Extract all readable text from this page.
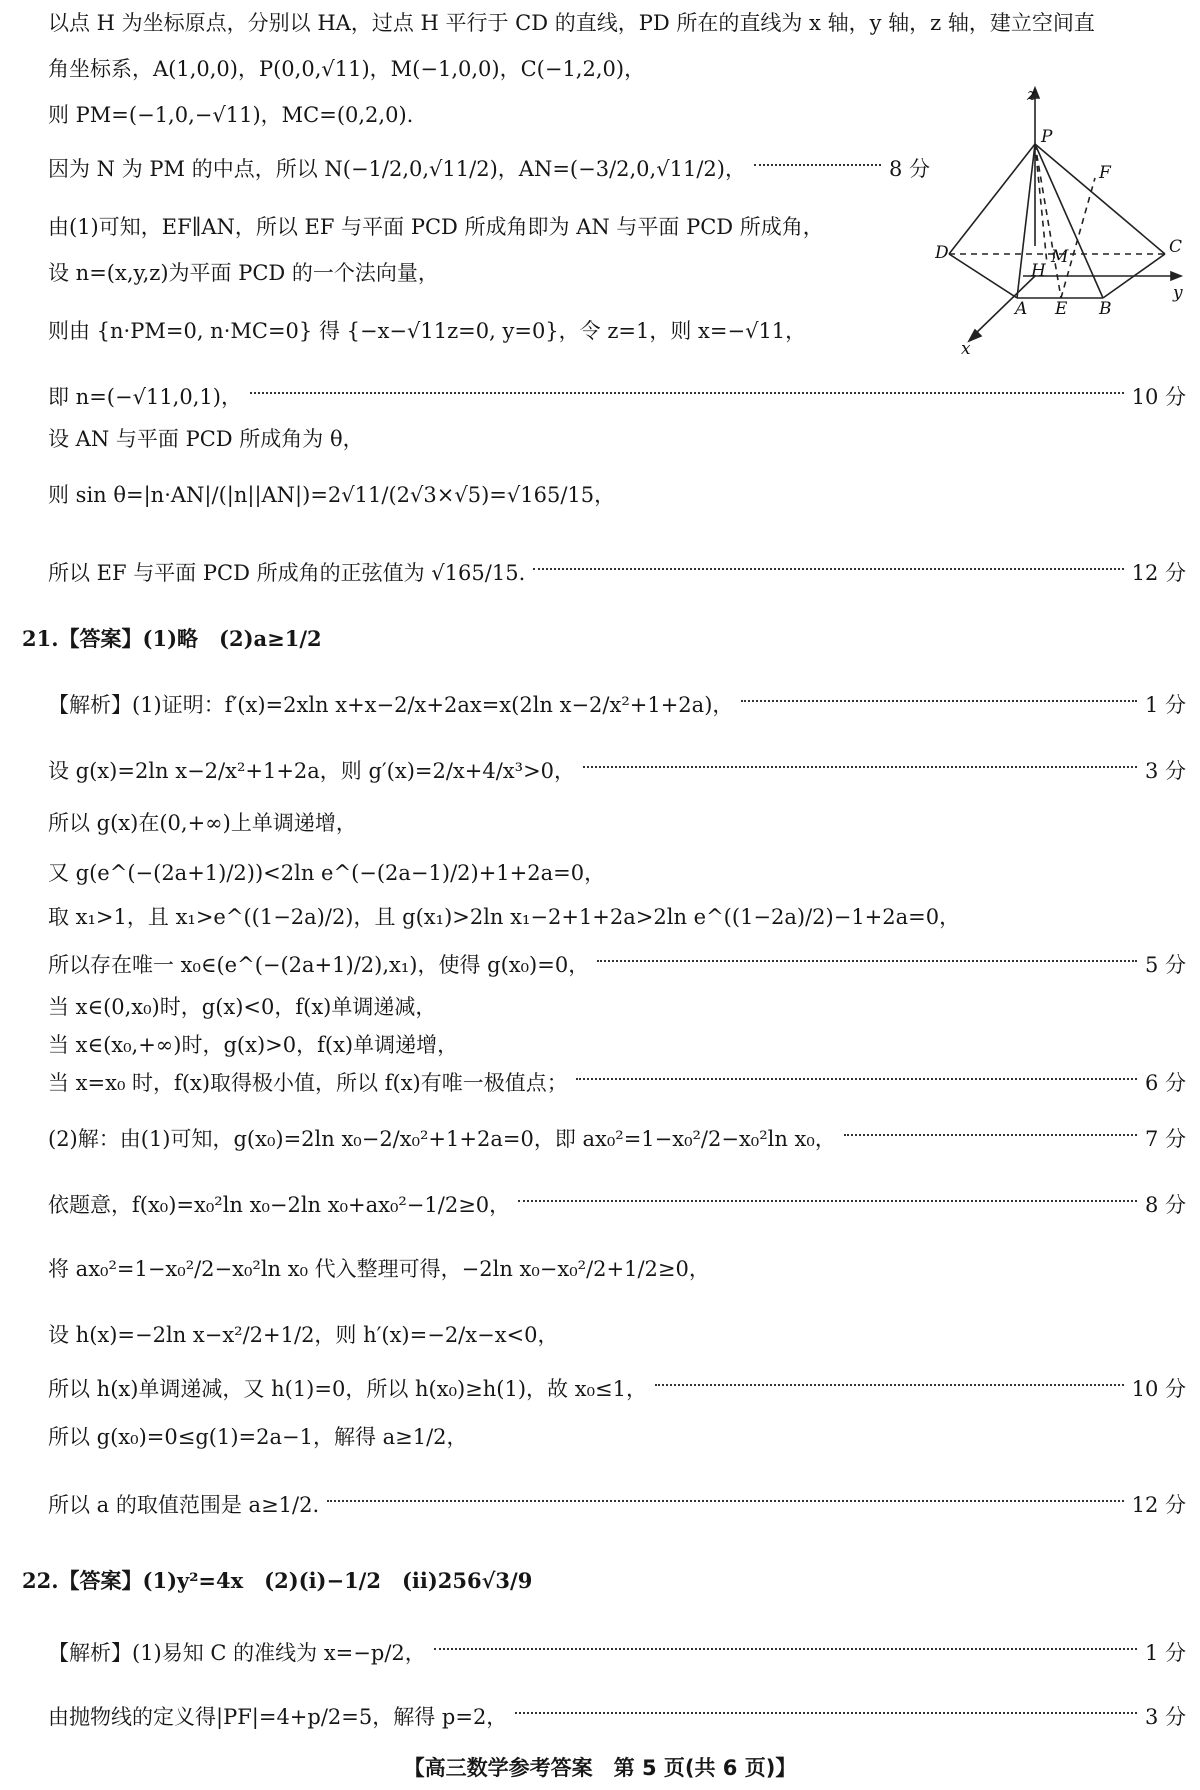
以点 H 为坐标原点，分别以 HA，过点 H 平行于 CD 的直线，PD 所在的直线为 x 轴，y 轴，z 轴，建立空间直
角坐标系，A(1,0,0)，P(0,0,√11)，M(−1,0,0)，C(−1,2,0)，
则 PM=(−1,0,−√11)，MC=(0,2,0).
因为 N 为 PM 的中点，所以 N(−1/2,0,√11/2)，AN=(−3/2,0,√11/2)，	8 分
由(1)可知，EF∥AN，所以 EF 与平面 PCD 所成角即为 AN 与平面 PCD 所成角，
设 n=(x,y,z)为平面 PCD 的一个法向量，
则由 {n·PM=0, n·MC=0} 得 {−x−√11z=0, y=0}，令 z=1，则 x=−√11，
即 n=(−√11,0,1)，	10 分
设 AN 与平面 PCD 所成角为 θ，
则 sin θ=|n·AN|/(|n||AN|)=2√11/(2√3×√5)=√165/15，
所以 EF 与平面 PCD 所成角的正弦值为 √165/15.	12 分
z
P
F
D	M	C
H
y
A E B
x
21.【答案】(1)略　(2)a≥1/2
【解析】(1)证明：f′(x)=2xln x+x−2/x+2ax=x(2ln x−2/x²+1+2a)，	1 分
设 g(x)=2ln x−2/x²+1+2a，则 g′(x)=2/x+4/x³>0，	3 分
所以 g(x)在(0,+∞)上单调递增，
又 g(e^(−(2a+1)/2))<2ln e^(−(2a−1)/2)+1+2a=0，
取 x₁>1，且 x₁>e^((1−2a)/2)，且 g(x₁)>2ln x₁−2+1+2a>2ln e^((1−2a)/2)−1+2a=0，
所以存在唯一 x₀∈(e^(−(2a+1)/2),x₁)，使得 g(x₀)=0，	5 分
当 x∈(0,x₀)时，g(x)<0，f(x)单调递减，
当 x∈(x₀,+∞)时，g(x)>0，f(x)单调递增，
当 x=x₀ 时，f(x)取得极小值，所以 f(x)有唯一极值点；	6 分
(2)解：由(1)可知，g(x₀)=2ln x₀−2/x₀²+1+2a=0，即 ax₀²=1−x₀²/2−x₀²ln x₀，	7 分
依题意，f(x₀)=x₀²ln x₀−2ln x₀+ax₀²−1/2≥0，	8 分
将 ax₀²=1−x₀²/2−x₀²ln x₀ 代入整理可得，−2ln x₀−x₀²/2+1/2≥0，
设 h(x)=−2ln x−x²/2+1/2，则 h′(x)=−2/x−x<0，
所以 h(x)单调递减，又 h(1)=0，所以 h(x₀)≥h(1)，故 x₀≤1，	10 分
所以 g(x₀)=0≤g(1)=2a−1，解得 a≥1/2，
所以 a 的取值范围是 a≥1/2.	12 分
22.【答案】(1)y²=4x　(2)(ⅰ)−1/2　(ⅱ)256√3/9
【解析】(1)易知 C 的准线为 x=−p/2，	1 分
由抛物线的定义得|PF|=4+p/2=5，解得 p=2，	3 分
【高三数学参考答案　第 5 页(共 6 页)】
